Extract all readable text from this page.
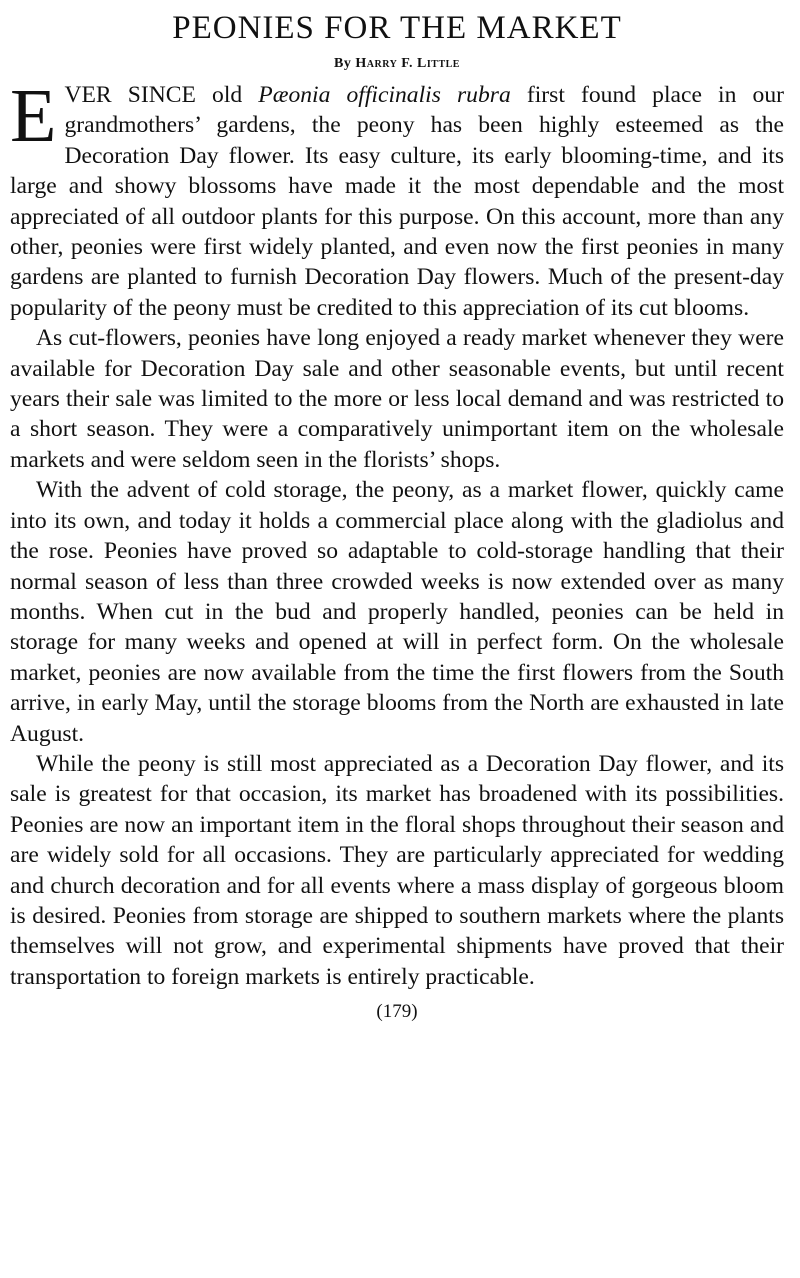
PEONIES FOR THE MARKET
By Harry F. Little

EVER SINCE old Pæonia officinalis rubra first found place in our grandmothers’ gardens, the peony has been highly esteemed as the Decoration Day flower. Its easy culture, its early blooming-time, and its large and showy blossoms have made it the most dependable and the most appreciated of all outdoor plants for this purpose. On this account, more than any other, peonies were first widely planted, and even now the first peonies in many gardens are planted to furnish Decoration Day flowers. Much of the present-day popularity of the peony must be credited to this appreciation of its cut blooms.

As cut-flowers, peonies have long enjoyed a ready market whenever they were available for Decoration Day sale and other seasonable events, but until recent years their sale was limited to the more or less local demand and was restricted to a short season. They were a comparatively unimportant item on the wholesale markets and were seldom seen in the florists’ shops.

With the advent of cold storage, the peony, as a market flower, quickly came into its own, and today it holds a commercial place along with the gladiolus and the rose. Peonies have proved so adaptable to cold-storage handling that their normal season of less than three crowded weeks is now extended over as many months. When cut in the bud and properly handled, peonies can be held in storage for many weeks and opened at will in perfect form. On the wholesale market, peonies are now available from the time the first flowers from the South arrive, in early May, until the storage blooms from the North are exhausted in late August.

While the peony is still most appreciated as a Decoration Day flower, and its sale is greatest for that occasion, its market has broadened with its possibilities. Peonies are now an important item in the floral shops throughout their season and are widely sold for all occasions. They are particularly appreciated for wedding and church decoration and for all events where a mass display of gorgeous bloom is desired. Peonies from storage are shipped to southern markets where the plants themselves will not grow, and experimental shipments have proved that their transportation to foreign markets is entirely practicable.

(179)
